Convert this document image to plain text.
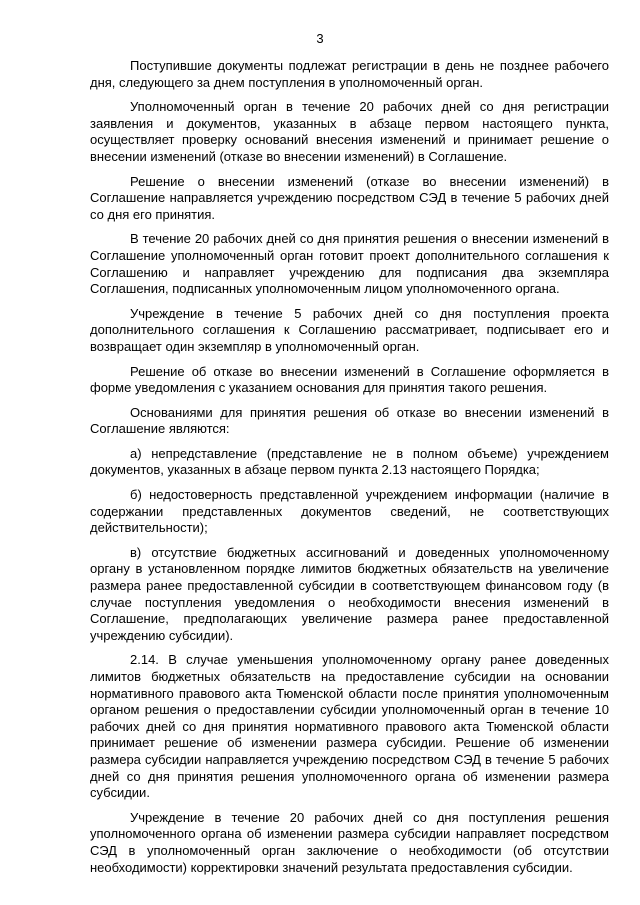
3

Поступившие документы подлежат регистрации в день не позднее рабочего дня, следующего за днем поступления в уполномоченный орган.

Уполномоченный орган в течение 20 рабочих дней со дня регистрации заявления и документов, указанных в абзаце первом настоящего пункта, осуществляет проверку оснований внесения изменений и принимает решение о внесении изменений (отказе во внесении изменений) в Соглашение.

Решение о внесении изменений (отказе во внесении изменений) в Соглашение направляется учреждению посредством СЭД в течение 5 рабочих дней со дня его принятия.

В течение 20 рабочих дней со дня принятия решения о внесении изменений в Соглашение уполномоченный орган готовит проект дополнительного соглашения к Соглашению и направляет учреждению для подписания два экземпляра Соглашения, подписанных уполномоченным лицом уполномоченного органа.

Учреждение в течение 5 рабочих дней со дня поступления проекта дополнительного соглашения к Соглашению рассматривает, подписывает его и возвращает один экземпляр в уполномоченный орган.

Решение об отказе во внесении изменений в Соглашение оформляется в форме уведомления с указанием основания для принятия такого решения.

Основаниями для принятия решения об отказе во внесении изменений в Соглашение являются:

а) непредставление (представление не в полном объеме) учреждением документов, указанных в абзаце первом пункта 2.13 настоящего Порядка;

б) недостоверность представленной учреждением информации (наличие в содержании представленных документов сведений, не соответствующих действительности);

в) отсутствие бюджетных ассигнований и доведенных уполномоченному органу в установленном порядке лимитов бюджетных обязательств на увеличение размера ранее предоставленной субсидии в соответствующем финансовом году (в случае поступления уведомления о необходимости внесения изменений в Соглашение, предполагающих увеличение размера ранее предоставленной учреждению субсидии).

2.14. В случае уменьшения уполномоченному органу ранее доведенных лимитов бюджетных обязательств на предоставление субсидии на основании нормативного правового акта Тюменской области после принятия уполномоченным органом решения о предоставлении субсидии уполномоченный орган в течение 10 рабочих дней со дня принятия нормативного правового акта Тюменской области принимает решение об изменении размера субсидии. Решение об изменении размера субсидии направляется учреждению посредством СЭД в течение 5 рабочих дней со дня принятия решения уполномоченного органа об изменении размера субсидии.

Учреждение в течение 20 рабочих дней со дня поступления решения уполномоченного органа об изменении размера субсидии направляет посредством СЭД в уполномоченный орган заключение о необходимости (об отсутствии необходимости) корректировки значений результата предоставления субсидии.
